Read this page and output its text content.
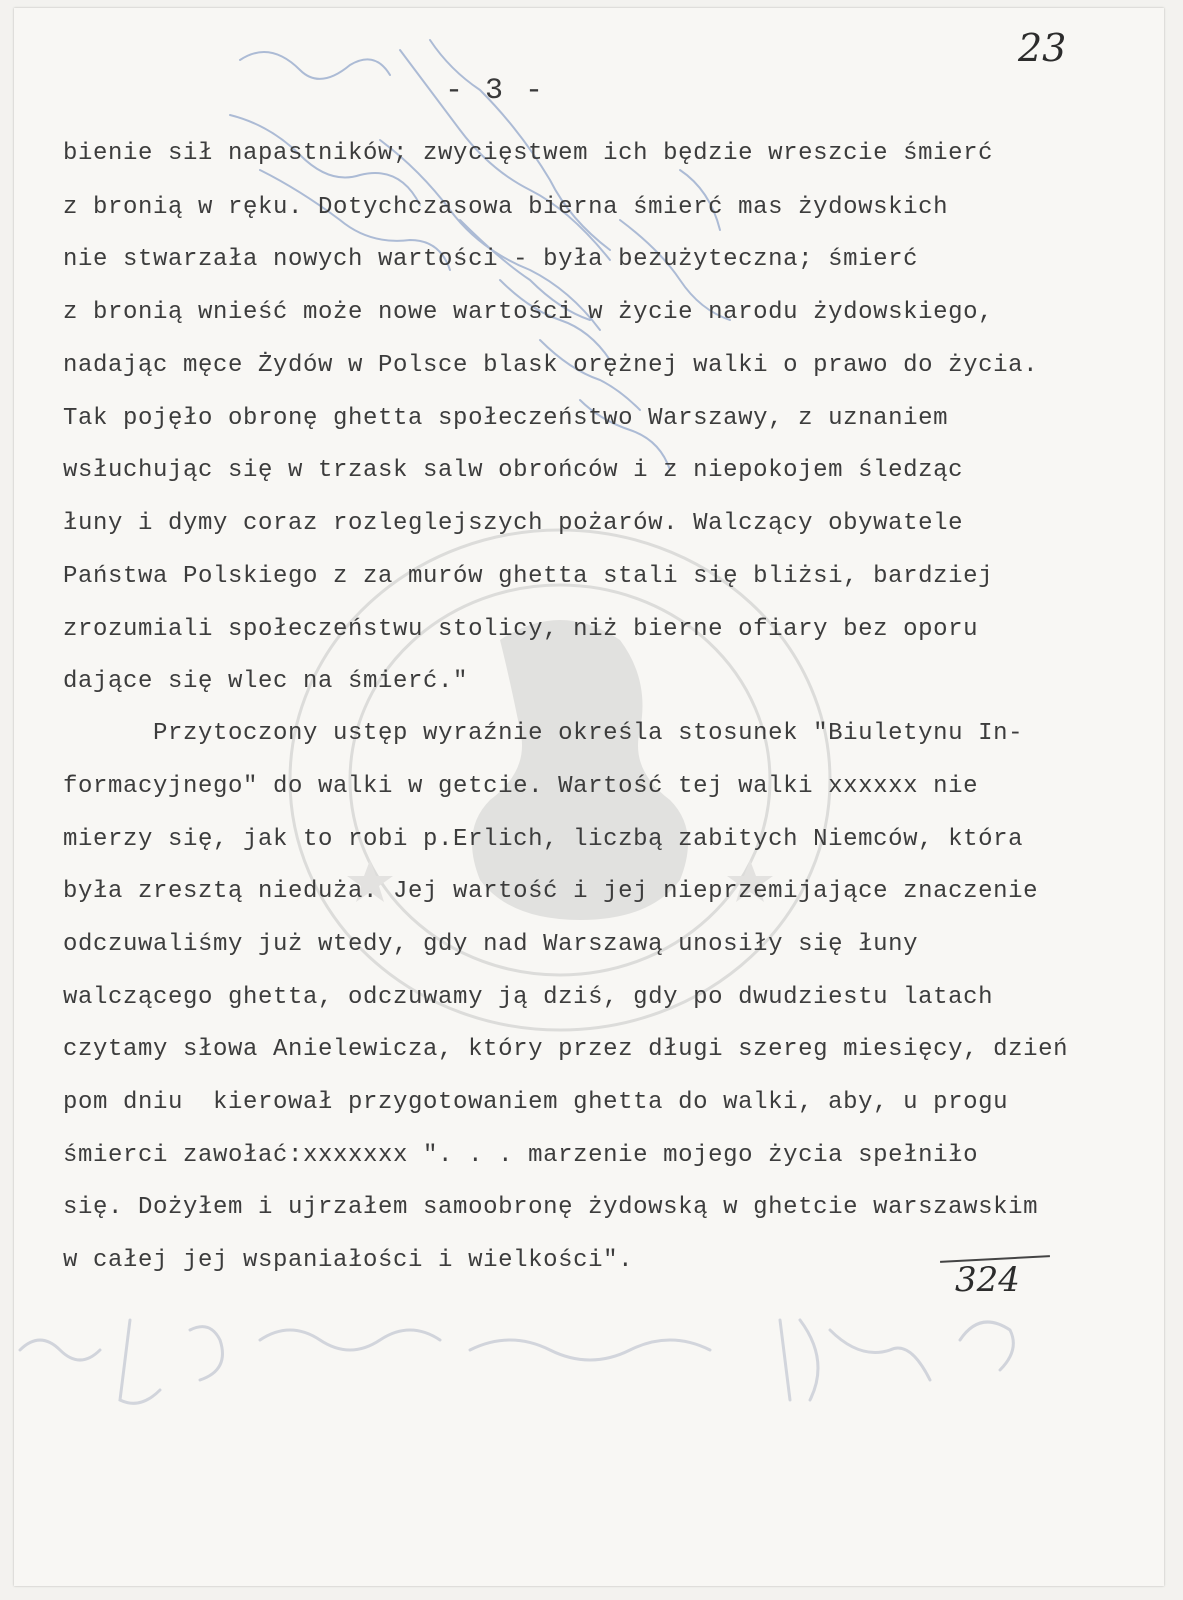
23
- 3 -
bienie sił napastników; zwycięstwem ich będzie wreszcie śmierć
z bronią w ręku. Dotychczasowa bierna śmierć mas żydowskich
nie stwarzała nowych wartości - była bezużyteczna; śmierć
z bronią wnieść może nowe wartości w życie narodu żydowskiego,
nadając męce Żydów w Polsce blask orężnej walki o prawo do życia.
Tak pojęło obronę ghetta społeczeństwo Warszawy, z uznaniem
wsłuchując się w trzask salw obrońców i z niepokojem śledząc
łuny i dymy coraz rozleglejszych pożarów. Walczący obywatele
Państwa Polskiego z za murów ghetta stali się bliżsi, bardziej
zrozumiali społeczeństwu stolicy, niż bierne ofiary bez oporu
dające się wlec na śmierć."
Przytoczony ustęp wyraźnie określa stosunek "Biuletynu In-
formacyjnego" do walki w getcie. Wartość tej walki xxxxxx nie
mierzy się, jak to robi p.Erlich, liczbą zabitych Niemców, która
była zresztą nieduża. Jej wartość i jej nieprzemijające znaczenie
odczuwaliśmy już wtedy, gdy nad Warszawą unosiły się łuny
walczącego ghetta, odczuwamy ją dziś, gdy po dwudziestu latach
czytamy słowa Anielewicza, który przez długi szereg miesięcy, dzień
pom dniu  kierował przygotowaniem ghetta do walki, aby, u progu
śmierci zawołać:xxxxxxx ". . . marzenie mojego życia spełniło
się. Dożyłem i ujrzałem samoobronę żydowską w ghetcie warszawskim
w całej jej wspaniałości i wielkości".	324
